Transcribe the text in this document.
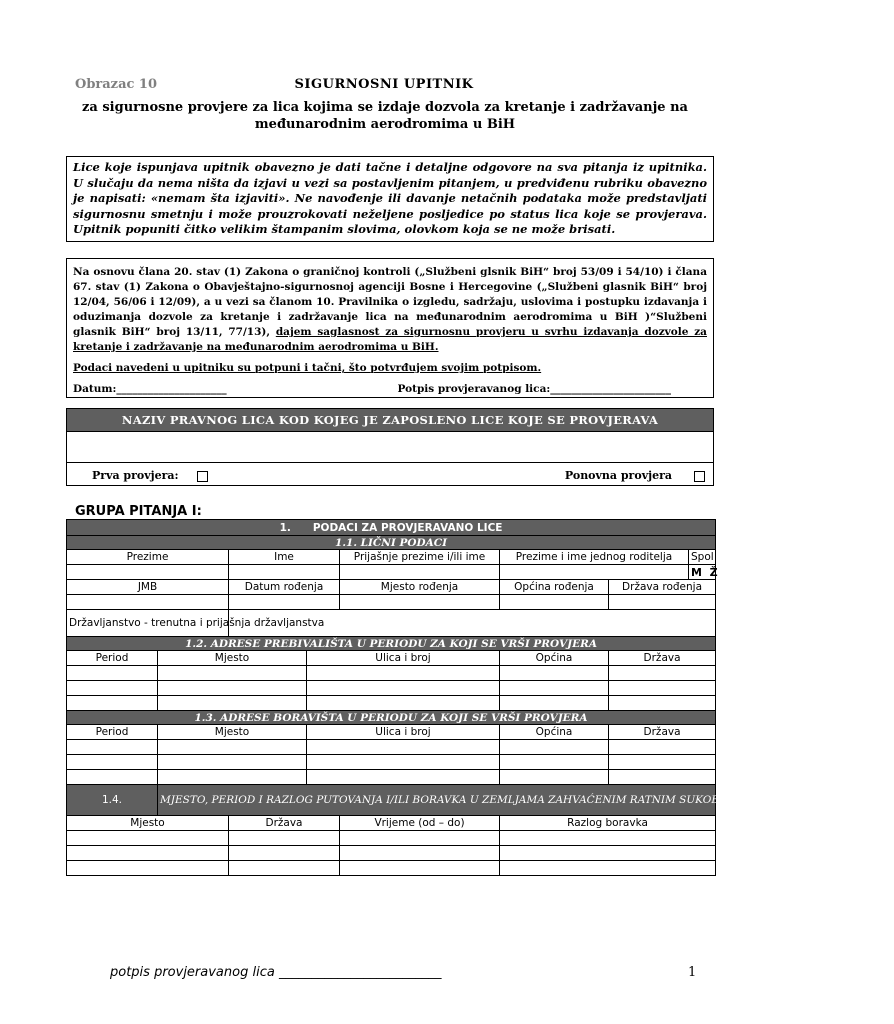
Obrazac 10	SIGURNOSNI UPITNIK
za sigurnosne provjere za lica kojima se izdaje dozvola za kretanje i zadržavanje na međunarodnim aerodromima u BiH
Lice koje ispunjava upitnik obavezno je dati tačne i detaljne odgovore na sva pitanja iz upitnika. U slučaju da nema ništa da izjavi u vezi sa postavljenim pitanjem, u predviđenu rubriku obavezno je napisati: «nemam šta izjaviti». Ne navođenje ili davanje netačnih podataka može predstavljati sigurnosnu smetnju i može prouzrokovati neželjene posljedice po status lica koje se provjerava. Upitnik popuniti čitko velikim štampanim slovima, olovkom koja se ne može brisati.

Na osnovu člana 20. stav (1) Zakona o graničnoj kontroli („Službeni glsnik BiH“ broj 53/09 i 54/10) i člana 67. stav (1) Zakona o Obavještajno-sigurnosnoj agenciji Bosne i Hercegovine („Službeni glasnik BiH“ broj 12/04, 56/06 i 12/09), a u vezi sa članom 10. Pravilnika o izgledu, sadržaju, uslovima i postupku izdavanja i oduzimanja dozvole za kretanje i zadržavanje lica na međunarodnim aerodromima u BiH )“Službeni glasnik BiH“ broj 13/11, 77/13), dajem saglasnost za sigurnosnu provjeru u svrhu izdavanja dozvole za kretanje i zadržavanje na međunarodnim aerodromima u BiH.

Podaci navedeni u upitniku su potpuni i tačni, što potvrđujem svojim potpisom.

Datum:_____________________	Potpis provjeravanog lica:_______________________
NAZIV PRAVNOG LICA KOD KOJEG JE ZAPOSLENO LICE KOJE SE PROVJERAVA
Prva provjera:	Ponovna provjera
GRUPA PITANJA I:
1. PODACI ZA PROVJERAVANO LICE							
1.1. LIČNI PODACI							
Prezime		Ime		Prijašnje prezime i/ili ime	Prezime i ime jednog roditelja		Spol
							M Ž
JMB		Datum rođenja		Mjesto rođenja	Općina rođenja	Država rođenja	

Državljanstvo - trenutna i prijašnja državljanstva							
1.2. ADRESE PREBIVALIŠTA U PERIODU ZA KOJI SE VRŠI PROVJERA							
Period	Mjesto		Ulica i broj		Općina	Država	

1.3. ADRESE BORAVIŠTA U PERIODU ZA KOJI SE VRŠI PROVJERA							
Period	Mjesto		Ulica i broj		Općina	Država	

1.4.	MJESTO, PERIOD I RAZLOG PUTOVANJA I/ILI BORAVKA U ZEMLJAMA ZAHVAĆENIM RATNIM SUKOBIMA ILI ORUŽANIM SUKOBIMA						
Mjesto		Država		Vrijeme (od – do)	Razlog boravka		

potpis provjeravanog lica _________________________	1
